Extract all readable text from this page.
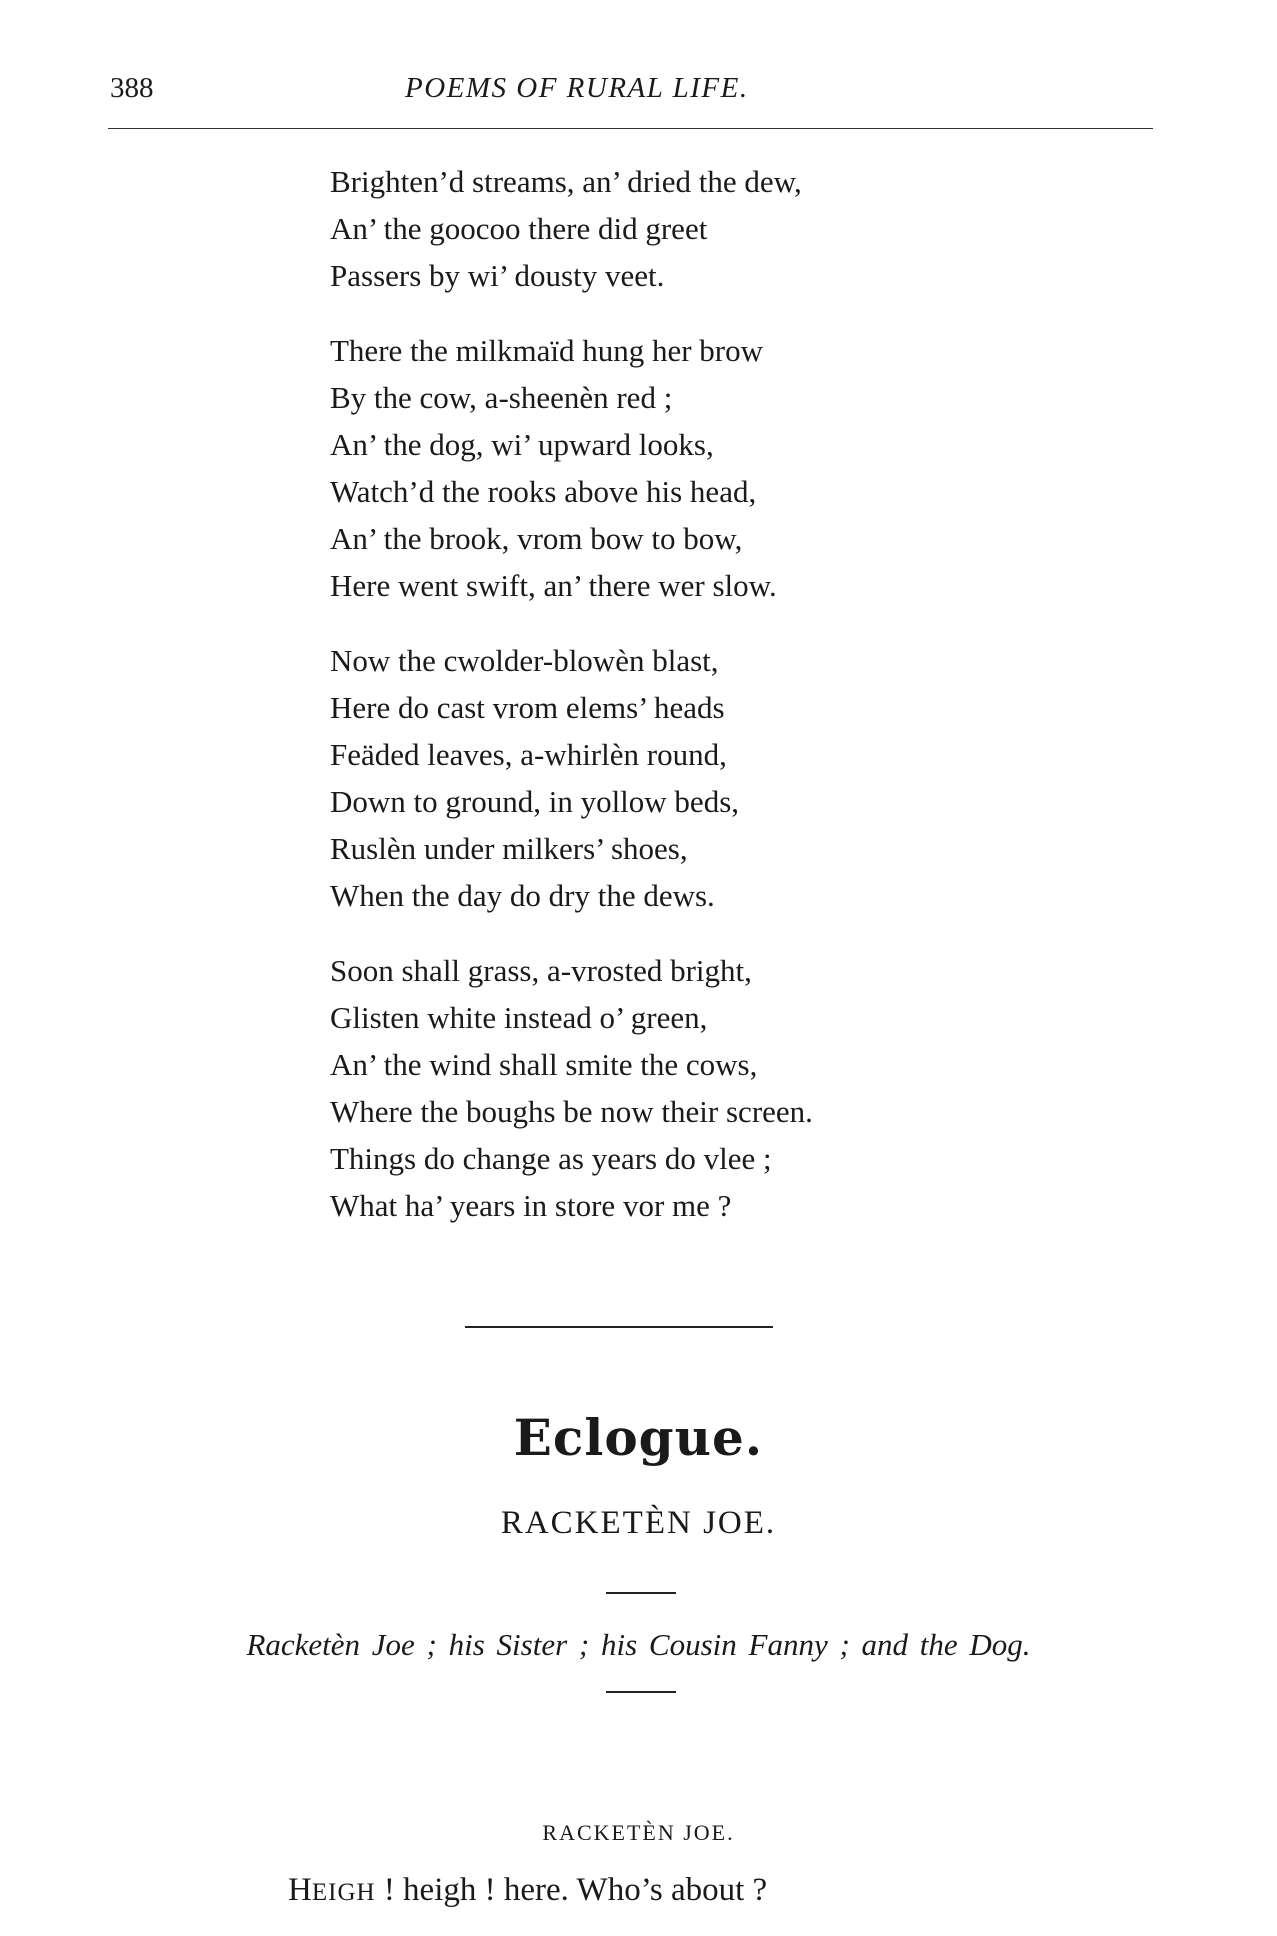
388	POEMS OF RURAL LIFE.
Brighten’d streams, an’ dried the dew,
An’ the goocoo there did greet
Passers by wi’ dousty veet.
There the milkmaïd hung her brow
By the cow, a-sheenèn red ;
An’ the dog, wi’ upward looks,
Watch’d the rooks above his head,
An’ the brook, vrom bow to bow,
Here went swift, an’ there wer slow.
Now the cwolder-blowèn blast,
Here do cast vrom elems’ heads
Feäded leaves, a-whirlèn round,
Down to ground, in yollow beds,
Ruslèn under milkers’ shoes,
When the day do dry the dews.
Soon shall grass, a-vrosted bright,
Glisten white instead o’ green,
An’ the wind shall smite the cows,
Where the boughs be now their screen.
Things do change as years do vlee ;
What ha’ years in store vor me ?
Eclogue.
RACKETÈN JOE.
Racketèn Joe ; his Sister ; his Cousin Fanny ; and the Dog.
RACKETÈN JOE.
HEIGH ! heigh ! here. Who’s about ?
